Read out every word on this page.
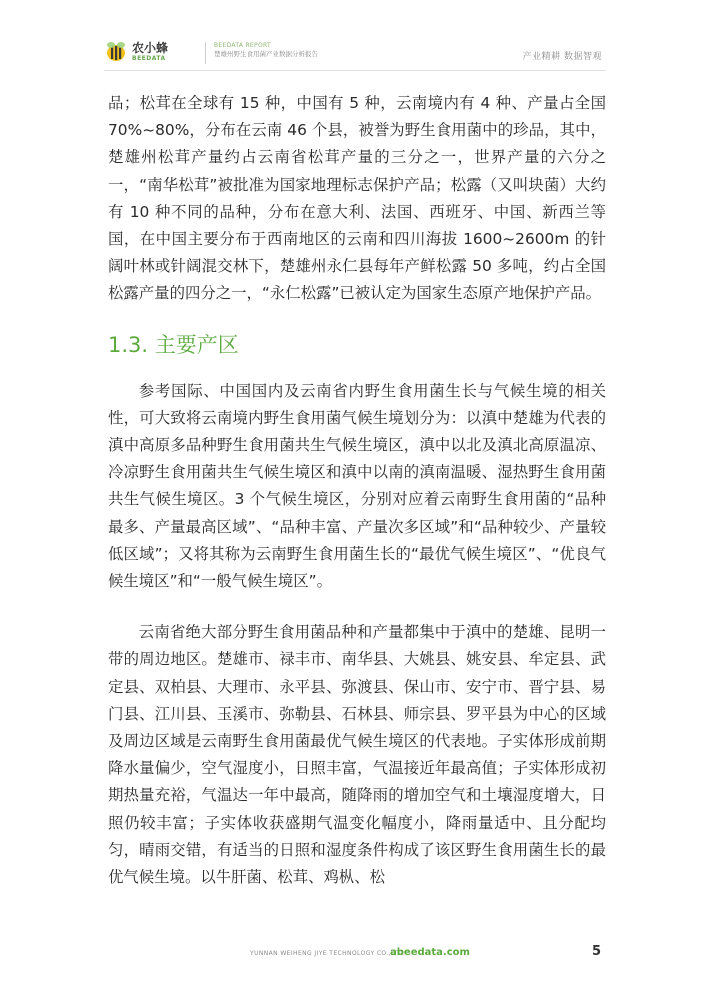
农小蜂
BEEDATA
BEEDATA REPORT
楚雄州野生食用菌产业数据分析报告	产业精耕 数据智观

品；松茸在全球有 15 种，中国有 5 种，云南境内有 4 种、产量占全国 70%~80%，分布在云南 46 个县，被誉为野生食用菌中的珍品，其中，楚雄州松茸产量约占云南省松茸产量的三分之一，世界产量的六分之一，“南华松茸”被批准为国家地理标志保护产品；松露（又叫块菌）大约有 10 种不同的品种，分布在意大利、法国、西班牙、中国、新西兰等国，在中国主要分布于西南地区的云南和四川海拔 1600~2600m 的针阔叶林或针阔混交林下，楚雄州永仁县每年产鲜松露 50 多吨，约占全国松露产量的四分之一，“永仁松露”已被认定为国家生态原产地保护产品。

1.3. 主要产区

参考国际、中国国内及云南省内野生食用菌生长与气候生境的相关性，可大致将云南境内野生食用菌气候生境划分为：以滇中楚雄为代表的滇中高原多品种野生食用菌共生气候生境区，滇中以北及滇北高原温凉、冷凉野生食用菌共生气候生境区和滇中以南的滇南温暖、湿热野生食用菌共生气候生境区。3 个气候生境区，分别对应着云南野生食用菌的“品种最多、产量最高区域”、“品种丰富、产量次多区域”和“品种较少、产量较低区域”；又将其称为云南野生食用菌生长的“最优气候生境区”、“优良气候生境区”和“一般气候生境区”。

云南省绝大部分野生食用菌品种和产量都集中于滇中的楚雄、昆明一带的周边地区。楚雄市、禄丰市、南华县、大姚县、姚安县、牟定县、武定县、双柏县、大理市、永平县、弥渡县、保山市、安宁市、晋宁县、易门县、江川县、玉溪市、弥勒县、石林县、师宗县、罗平县为中心的区域及周边区域是云南野生食用菌最优气候生境区的代表地。子实体形成前期降水量偏少，空气湿度小，日照丰富，气温接近年最高值；子实体形成初期热量充裕，气温达一年中最高，随降雨的增加空气和土壤湿度增大，日照仍较丰富；子实体收获盛期气温变化幅度小，降雨量适中、且分配均匀，晴雨交错，有适当的日照和湿度条件构成了该区野生食用菌生长的最优气候生境。以牛肝菌、松茸、鸡枞、松

YUNNAN WEIHENG JIYE TECHNOLOGY CO.,LTD.
abeedata.com	5
